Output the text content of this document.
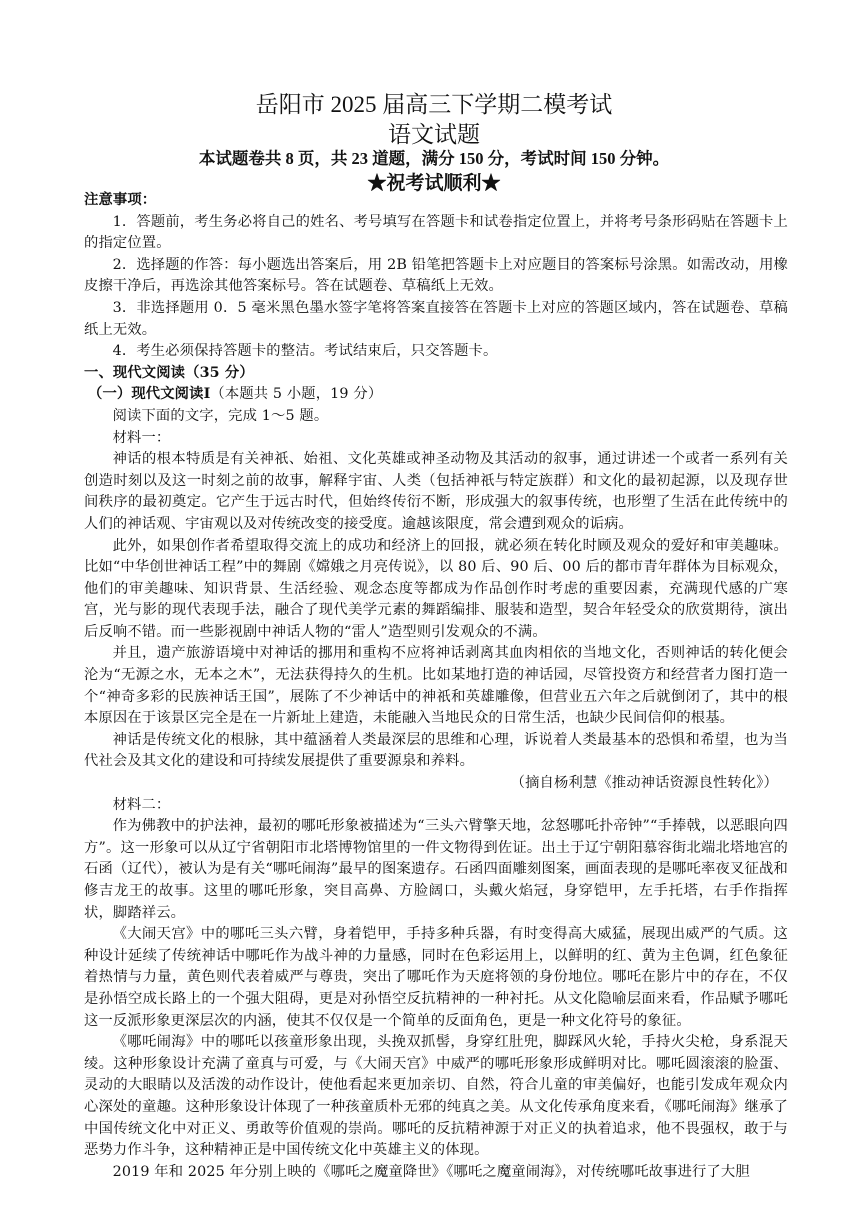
岳阳市 2025 届高三下学期二模考试
语文试题
本试题卷共 8 页，共 23 道题，满分 150 分，考试时间 150 分钟。
★祝考试顺利★

注意事项：

1．答题前，考生务必将自己的姓名、考号填写在答题卡和试卷指定位置上，并将考号条形码贴在答题卡上的指定位置。

2．选择题的作答：每小题选出答案后，用 2B 铅笔把答题卡上对应题目的答案标号涂黑。如需改动，用橡皮擦干净后，再选涂其他答案标号。答在试题卷、草稿纸上无效。

3．非选择题用 0．5 毫米黑色墨水签字笔将答案直接答在答题卡上对应的答题区域内，答在试题卷、草稿纸上无效。

4．考生必须保持答题卡的整洁。考试结束后，只交答题卡。

一、现代文阅读（35 分）

（一）现代文阅读Ⅰ（本题共 5 小题，19 分）

阅读下面的文字，完成 1～5 题。

材料一：

神话的根本特质是有关神祇、始祖、文化英雄或神圣动物及其活动的叙事，通过讲述一个或者一系列有关创造时刻以及这一时刻之前的故事，解释宇宙、人类（包括神祇与特定族群）和文化的最初起源，以及现存世间秩序的最初奠定。它产生于远古时代，但始终传衍不断，形成强大的叙事传统，也形塑了生活在此传统中的人们的神话观、宇宙观以及对传统改变的接受度。逾越该限度，常会遭到观众的诟病。

此外，如果创作者希望取得交流上的成功和经济上的回报，就必须在转化时顾及观众的爱好和审美趣味。比如“中华创世神话工程”中的舞剧《嫦娥之月亮传说》，以 80 后、90 后、00 后的都市青年群体为目标观众，他们的审美趣味、知识背景、生活经验、观念态度等都成为作品创作时考虑的重要因素，充满现代感的广寒宫，光与影的现代表现手法，融合了现代美学元素的舞蹈编排、服装和造型，契合年轻受众的欣赏期待，演出后反响不错。而一些影视剧中神话人物的“雷人”造型则引发观众的不满。

并且，遗产旅游语境中对神话的挪用和重构不应将神话剥离其血肉相依的当地文化，否则神话的转化便会沦为“无源之水，无本之木”，无法获得持久的生机。比如某地打造的神话园，尽管投资方和经营者力图打造一个“神奇多彩的民族神话王国”，展陈了不少神话中的神祇和英雄雕像，但营业五六年之后就倒闭了，其中的根本原因在于该景区完全是在一片新址上建造，未能融入当地民众的日常生活，也缺少民间信仰的根基。

神话是传统文化的根脉，其中蕴涵着人类最深层的思维和心理，诉说着人类最基本的恐惧和希望，也为当代社会及其文化的建设和可持续发展提供了重要源泉和养料。

（摘自杨利慧《推动神话资源良性转化》）

材料二：

作为佛教中的护法神，最初的哪吒形象被描述为“三头六臂擎天地，忿怒哪吒扑帝钟”“手捧戟，以恶眼向四方”。这一形象可以从辽宁省朝阳市北塔博物馆里的一件文物得到佐证。出土于辽宁朝阳慕容街北端北塔地宫的石函（辽代），被认为是有关“哪吒闹海”最早的图案遗存。石函四面雕刻图案，画面表现的是哪吒率夜叉征战和修吉龙王的故事。这里的哪吒形象，突目高鼻、方脸阔口，头戴火焰冠，身穿铠甲，左手托塔，右手作指挥状，脚踏祥云。

《大闹天宫》中的哪吒三头六臂，身着铠甲，手持多种兵器，有时变得高大威猛，展现出威严的气质。这种设计延续了传统神话中哪吒作为战斗神的力量感，同时在色彩运用上，以鲜明的红、黄为主色调，红色象征着热情与力量，黄色则代表着威严与尊贵，突出了哪吒作为天庭将领的身份地位。哪吒在影片中的存在，不仅是孙悟空成长路上的一个强大阻碍，更是对孙悟空反抗精神的一种衬托。从文化隐喻层面来看，作品赋予哪吒这一反派形象更深层次的内涵，使其不仅仅是一个简单的反面角色，更是一种文化符号的象征。

《哪吒闹海》中的哪吒以孩童形象出现，头挽双抓髻，身穿红肚兜，脚踩风火轮，手持火尖枪，身系混天绫。这种形象设计充满了童真与可爱，与《大闹天宫》中威严的哪吒形象形成鲜明对比。哪吒圆滚滚的脸蛋、灵动的大眼睛以及活泼的动作设计，使他看起来更加亲切、自然，符合儿童的审美偏好，也能引发成年观众内心深处的童趣。这种形象设计体现了一种孩童质朴无邪的纯真之美。从文化传承角度来看，《哪吒闹海》继承了中国传统文化中对正义、勇敢等价值观的崇尚。哪吒的反抗精神源于对正义的执着追求，他不畏强权，敢于与恶势力作斗争，这种精神正是中国传统文化中英雄主义的体现。

2019 年和 2025 年分别上映的《哪吒之魔童降世》《哪吒之魔童闹海》，对传统哪吒故事进行了大胆
